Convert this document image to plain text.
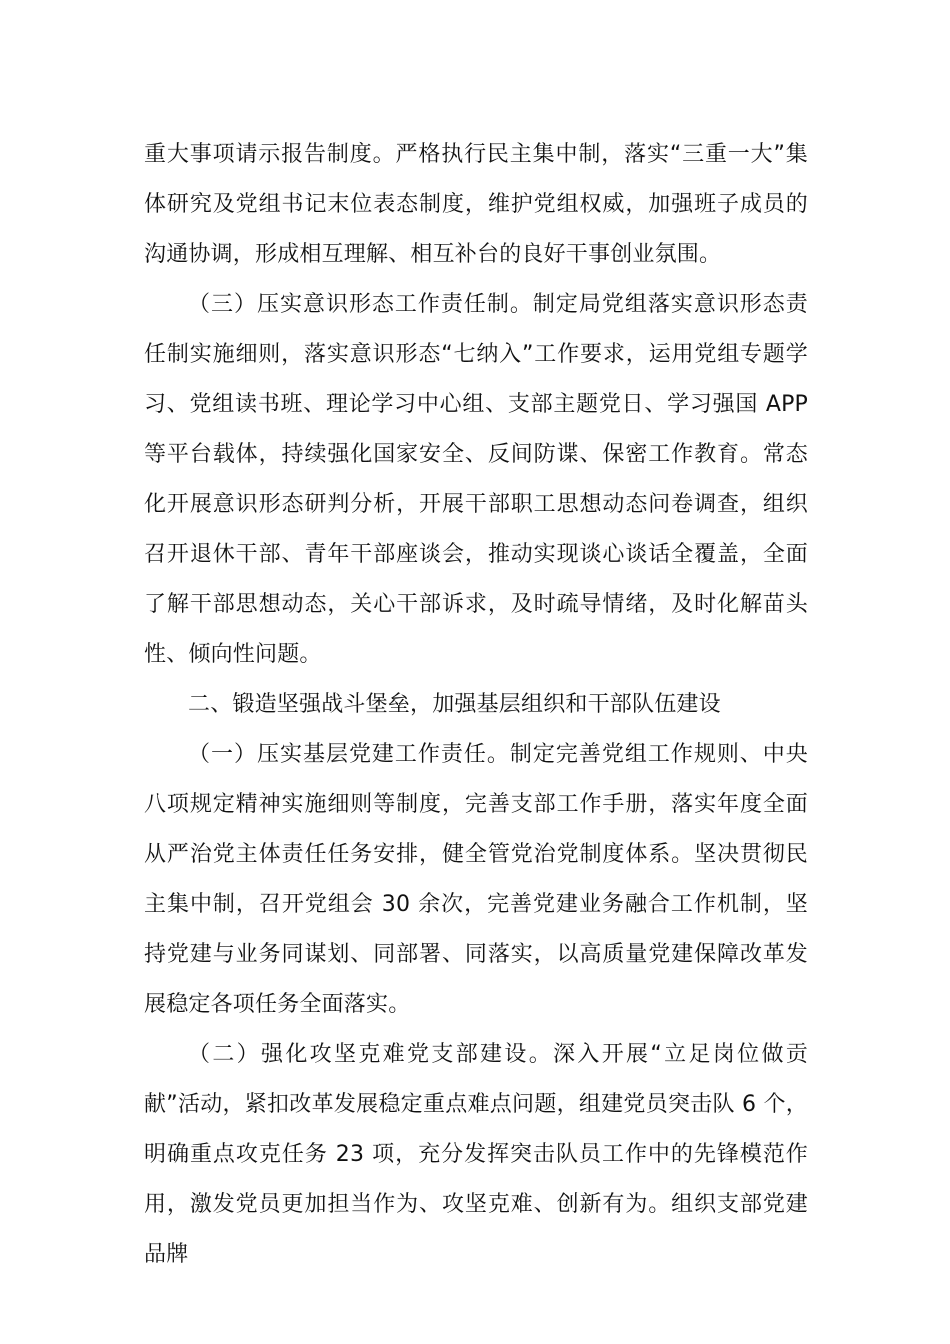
重大事项请示报告制度。严格执行民主集中制，落实“三重一大”集体研究及党组书记末位表态制度，维护党组权威，加强班子成员的沟通协调，形成相互理解、相互补台的良好干事创业氛围。

（三）压实意识形态工作责任制。制定局党组落实意识形态责任制实施细则，落实意识形态“七纳入”工作要求，运用党组专题学习、党组读书班、理论学习中心组、支部主题党日、学习强国 APP 等平台载体，持续强化国家安全、反间防谍、保密工作教育。常态化开展意识形态研判分析，开展干部职工思想动态问卷调查，组织召开退休干部、青年干部座谈会，推动实现谈心谈话全覆盖，全面了解干部思想动态，关心干部诉求，及时疏导情绪，及时化解苗头性、倾向性问题。

二、锻造坚强战斗堡垒，加强基层组织和干部队伍建设

（一）压实基层党建工作责任。制定完善党组工作规则、中央八项规定精神实施细则等制度，完善支部工作手册，落实年度全面从严治党主体责任任务安排，健全管党治党制度体系。坚决贯彻民主集中制，召开党组会 30 余次，完善党建业务融合工作机制，坚持党建与业务同谋划、同部署、同落实，以高质量党建保障改革发展稳定各项任务全面落实。

（二）强化攻坚克难党支部建设。深入开展“立足岗位做贡献”活动，紧扣改革发展稳定重点难点问题，组建党员突击队 6 个，明确重点攻克任务 23 项，充分发挥突击队员工作中的先锋模范作用，激发党员更加担当作为、攻坚克难、创新有为。组织支部党建品牌
